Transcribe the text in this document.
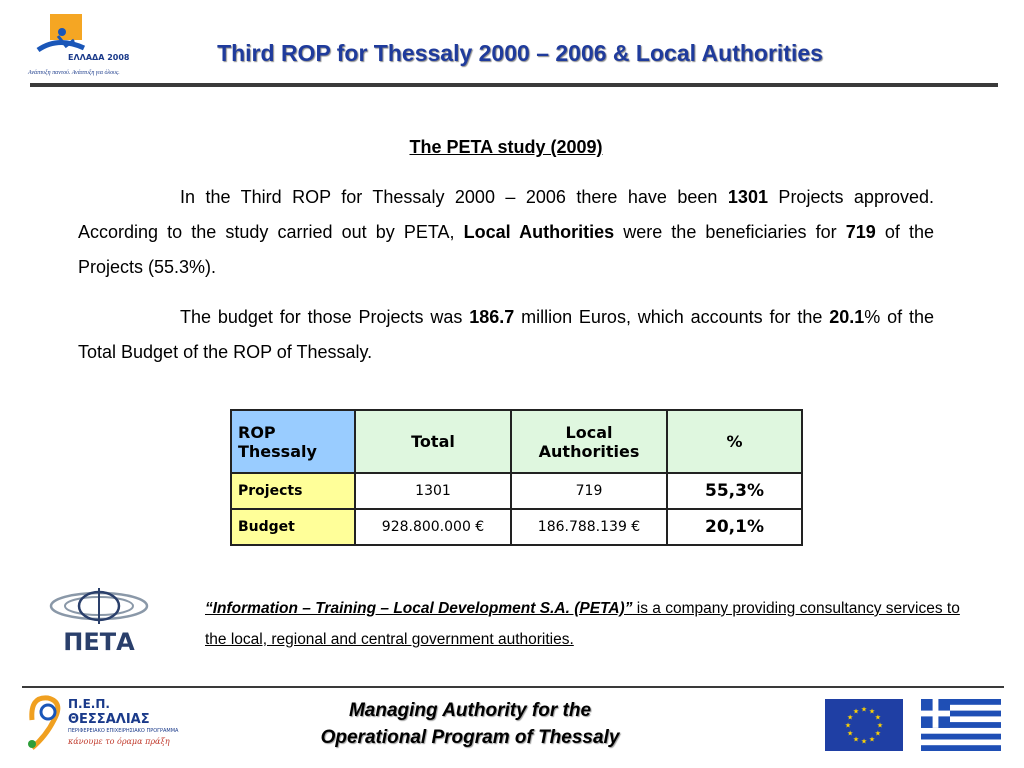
ΕΛΛΑΔΑ 2008
Ανάπτυξη παντού. Ανάπτυξη για όλους.
Third ROP for Thessaly 2000 – 2006 & Local Authorities
The PETA study (2009)

In the Third ROP for Thessaly 2000 – 2006 there have been 1301 Projects approved. According to the study carried out by PETA, Local Authorities were the beneficiaries for 719 of the Projects (55.3%).

The budget for those Projects was 186.7 million Euros, which accounts for the 20.1% of the Total Budget of the ROP of Thessaly.

ROP Thessaly	Total	Local Authorities	%
Projects	1301	719	55,3%
Budget	928.800.000 €	186.788.139 €	20,1%
ΠΕΤΑ

“Information – Training – Local Development S.A. (PETA)” is a company providing consultancy services to the local, regional and central government authorities.

Π.Ε.Π.
ΘΕΣΣΑΛΙΑΣ
ΠΕΡΙΦΕΡΕΙΑΚΟ ΕΠΙΧΕΙΡΗΣΙΑΚΟ ΠΡΟΓΡΑΜΜΑ
κάνουμε το όραμα πράξη
Managing Authority for the
Operational Program of Thessaly
★
★
★
★
★
★
★
★
★ ★ ★
★
